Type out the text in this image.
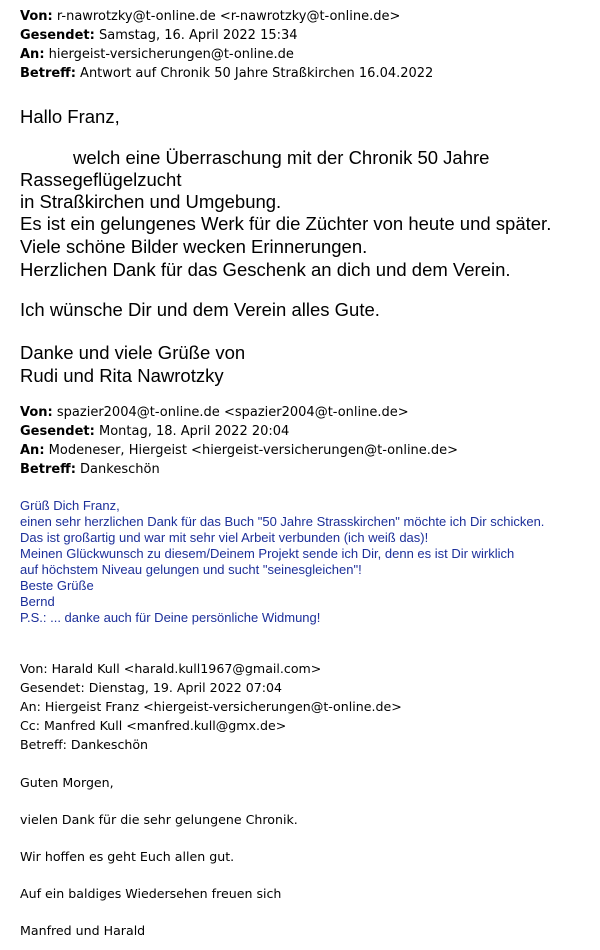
Von: r-nawrotzky@t-online.de <r-nawrotzky@t-online.de>
Gesendet: Samstag, 16. April 2022 15:34
An: hiergeist-versicherungen@t-online.de
Betreff: Antwort auf Chronik 50 Jahre Straßkirchen 16.04.2022
Hallo Franz,
welch eine Überraschung mit der Chronik 50 Jahre
Rassegeflügelzucht
in Straßkirchen und Umgebung.
Es ist ein gelungenes Werk für die Züchter von heute und später.
Viele schöne Bilder wecken Erinnerungen.
Herzlichen Dank für das Geschenk an dich und dem Verein.
Ich wünsche Dir und dem Verein alles Gute.
Danke und viele Grüße von
Rudi und Rita Nawrotzky
Von: spazier2004@t-online.de <spazier2004@t-online.de>
Gesendet: Montag, 18. April 2022 20:04
An: Modeneser, Hiergeist <hiergeist-versicherungen@t-online.de>
Betreff: Dankeschön
Grüß Dich Franz,
einen sehr herzlichen Dank für das Buch "50 Jahre Strasskirchen" möchte ich Dir schicken.
Das ist großartig und war mit sehr viel Arbeit verbunden (ich weiß das)!
Meinen Glückwunsch zu diesem/Deinem Projekt sende ich Dir, denn es ist Dir wirklich
auf höchstem Niveau gelungen und sucht "seinesgleichen"!
Beste Grüße
Bernd
P.S.: ... danke auch für Deine persönliche Widmung!
Von: Harald Kull <harald.kull1967@gmail.com>
Gesendet: Dienstag, 19. April 2022 07:04
An: Hiergeist Franz <hiergeist-versicherungen@t-online.de>
Cc: Manfred Kull <manfred.kull@gmx.de>
Betreff: Dankeschön
Guten Morgen,
vielen Dank für die sehr gelungene Chronik.
Wir hoffen es geht Euch allen gut.
Auf ein baldiges Wiedersehen freuen sich
Manfred und Harald
